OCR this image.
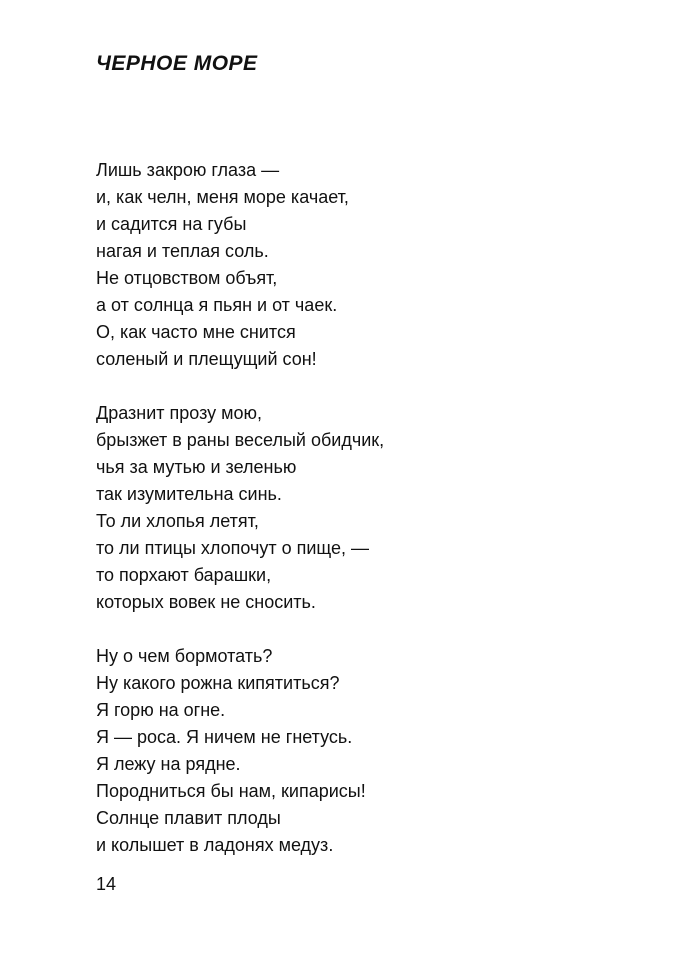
ЧЕРНОЕ МОРЕ
Лишь закрою глаза —
и, как челн, меня море качает,
и садится на губы
нагая и теплая соль.
Не отцовством объят,
а от солнца я пьян и от чаек.
О, как часто мне снится
соленый и плещущий сон!
Дразнит прозу мою,
брызжет в раны веселый обидчик,
чья за мутью и зеленью
так изумительна синь.
То ли хлопья летят,
то ли птицы хлопочут о пище, —
то порхают барашки,
которых вовек не сносить.
Ну о чем бормотать?
Ну какого рожна кипятиться?
Я горю на огне.
Я — роса. Я ничем не гнетусь.
Я лежу на рядне.
Породниться бы нам, кипарисы!
Солнце плавит плоды
и колышет в ладонях медуз.
14
